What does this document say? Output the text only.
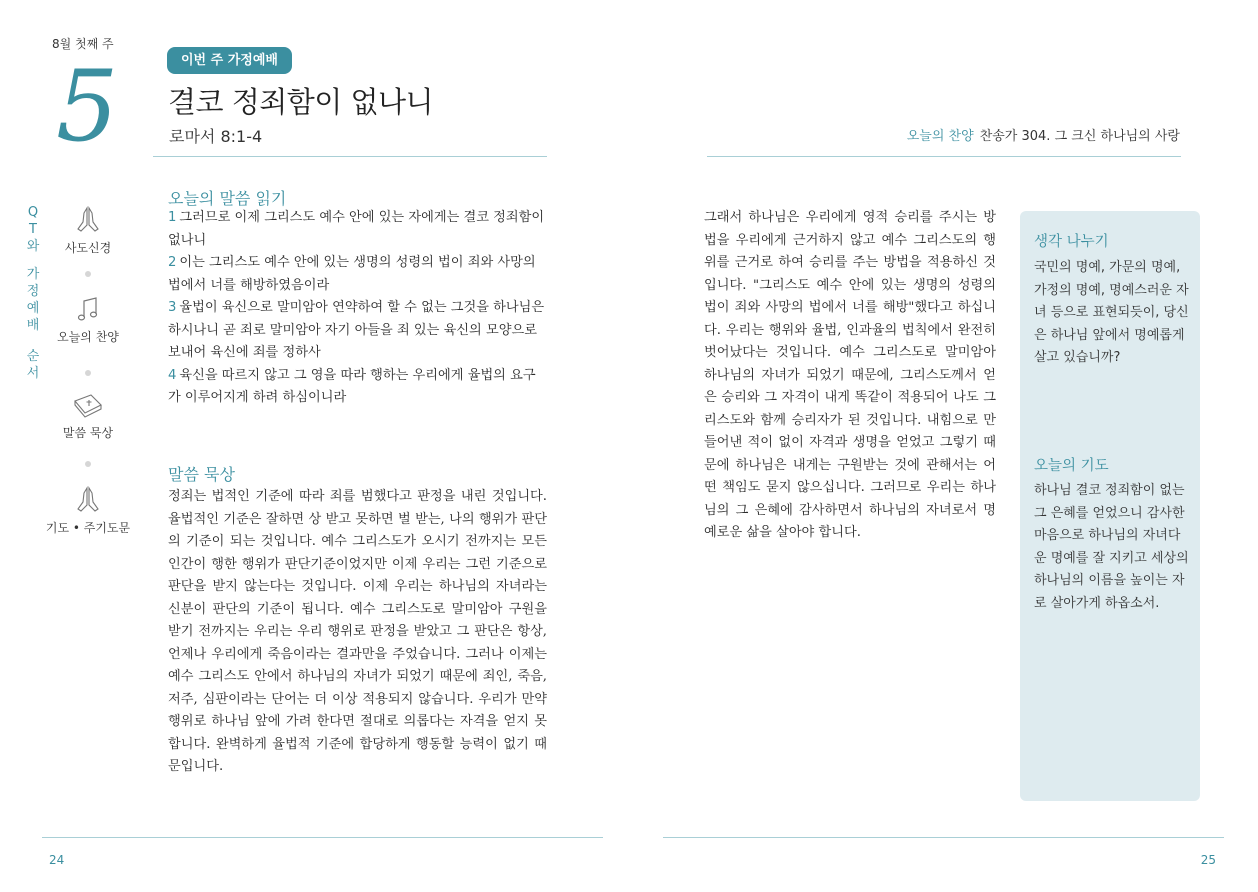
8월 첫째 주
5	이번 주 가정예배
결코 정죄함이 없나니
로마서 8:1-4	오늘의 찬양 찬송가 304. 그 크신 하나님의 사랑
Q
T
와
가
정
예
배
순
서
사도신경
오늘의 찬양
말씀 묵상
기도 • 주기도문
오늘의 말씀 읽기

1 그러므로 이제 그리스도 예수 안에 있는 자에게는 결코 정죄함이 없나니

2 이는 그리스도 예수 안에 있는 생명의 성령의 법이 죄와 사망의 법에서 너를 해방하였음이라

3 율법이 육신으로 말미암아 연약하여 할 수 없는 그것을 하나님은 하시나니 곧 죄로 말미암아 자기 아들을 죄 있는 육신의 모양으로 보내어 육신에 죄를 정하사

4 육신을 따르지 않고 그 영을 따라 행하는 우리에게 율법의 요구가 이루어지게 하려 하심이니라

말씀 묵상
정죄는 법적인 기준에 따라 죄를 범했다고 판정을 내린 것입니다. 율법적인 기준은 잘하면 상 받고 못하면 벌 받는, 나의 행위가 판단의 기준이 되는 것입니다. 예수 그리스도가 오시기 전까지는 모든 인간이 행한 행위가 판단기준이었지만 이제 우리는 그런 기준으로 판단을 받지 않는다는 것입니다. 이제 우리는 하나님의 자녀라는 신분이 판단의 기준이 됩니다. 예수 그리스도로 말미암아 구원을 받기 전까지는 우리는 우리 행위로 판정을 받았고 그 판단은 항상, 언제나 우리에게 죽음이라는 결과만을 주었습니다. 그러나 이제는 예수 그리스도 안에서 하나님의 자녀가 되었기 때문에 죄인, 죽음, 저주, 심판이라는 단어는 더 이상 적용되지 않습니다. 우리가 만약 행위로 하나님 앞에 가려 한다면 절대로 의롭다는 자격을 얻지 못합니다. 완벽하게 율법적 기준에 합당하게 행동할 능력이 없기 때문입니다.
그래서 하나님은 우리에게 영적 승리를 주시는 방법을 우리에게 근거하지 않고 예수 그리스도의 행위를 근거로 하여 승리를 주는 방법을 적용하신 것입니다. "그리스도 예수 안에 있는 생명의 성령의 법이 죄와 사망의 법에서 너를 해방"했다고 하십니다. 우리는 행위와 율법, 인과율의 법칙에서 완전히 벗어났다는 것입니다. 예수 그리스도로 말미암아 하나님의 자녀가 되었기 때문에, 그리스도께서 얻은 승리와 그 자격이 내게 똑같이 적용되어 나도 그리스도와 함께 승리자가 된 것입니다. 내힘으로 만들어낸 적이 없이 자격과 생명을 얻었고 그렇기 때문에 하나님은 내게는 구원받는 것에 관해서는 어떤 책임도 묻지 않으십니다. 그러므로 우리는 하나님의 그 은혜에 감사하면서 하나님의 자녀로서 명예로운 삶을 살아야 합니다.
생각 나누기
국민의 명예, 가문의 명예, 가정의 명예, 명예스러운 자녀 등으로 표현되듯이, 당신은 하나님 앞에서 명예롭게 살고 있습니까?
오늘의 기도
하나님 결코 정죄함이 없는 그 은혜를 얻었으니 감사한 마음으로 하나님의 자녀다운 명예를 잘 지키고 세상의 하나님의 이름을 높이는 자로 살아가게 하옵소서.
24	25
